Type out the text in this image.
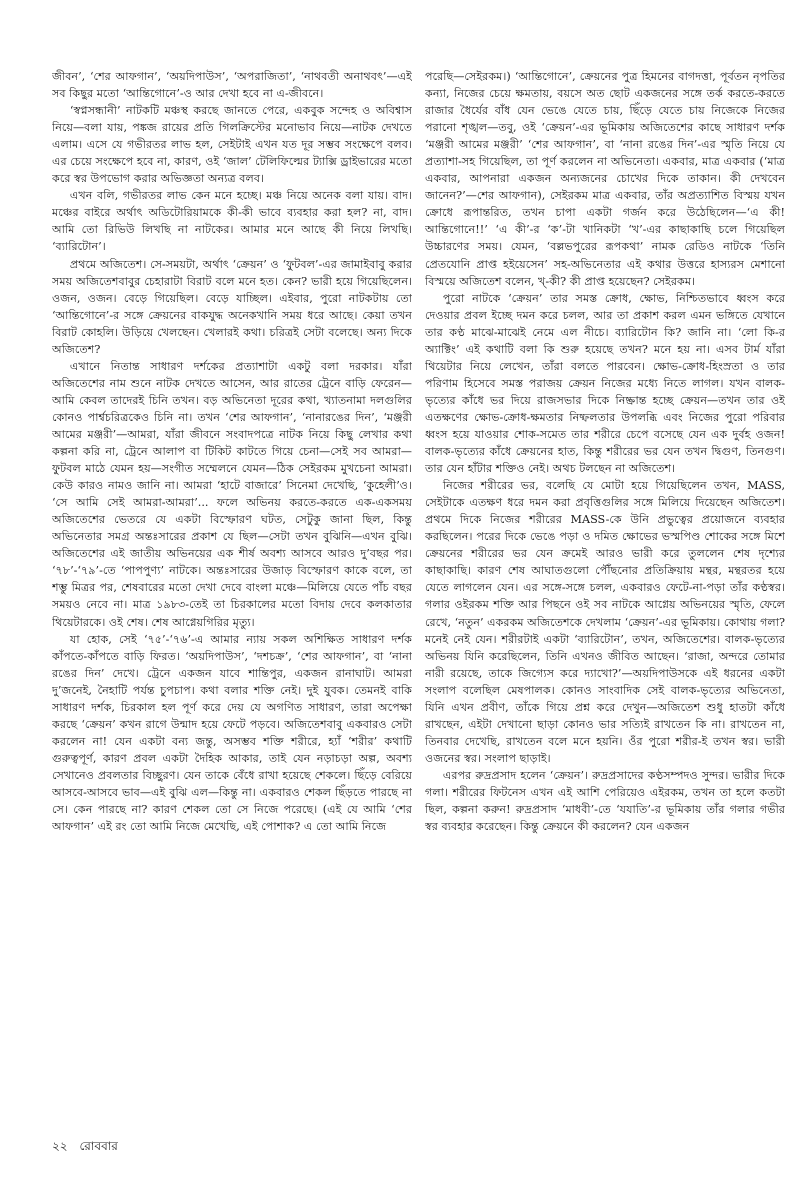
জীবন’, ‘শের আফগান’, ‘অয়দিপাউস’, ‘অপরাজিতা’, ‘নাথবতী অনাথবৎ’—এই সব কিছুর মতো ‘আন্তিগোনে’-ও আর দেখা হবে না এ-জীবনে।

‘স্বপ্নসন্ধানী’ নাটকটি মঞ্চস্থ করছে জানতে পেরে, একবুক সন্দেহ ও অবিশ্বাস নিয়ে—বলা যায়, পঙ্কজ রায়ের প্রতি গিলক্রিস্টের মনোভাব নিয়ে—নাটক দেখতে এলাম। এসে যে গভীরতর লাভ হল, সেইটাই এখন যত দূর সম্ভব সংক্ষেপে বলব। এর চেয়ে সংক্ষেপে হবে না, কারণ, ওই ‘জাল’ টেলিফিল্মের ট্যাক্সি ড্রাইভারের মতো করে স্বর উপভোগ করার অভিজ্ঞতা অন্যত্র বলব।

এখন বলি, গভীরতর লাভ কেন মনে হচ্ছে। মঞ্চ নিয়ে অনেক বলা যায়। বাদ। মঞ্চের বাইরে অর্থাৎ অডিটোরিয়ামকে কী-কী ভাবে ব্যবহার করা হল? না, বাদ। আমি তো রিভিউ লিখছি না নাটকের। আমার মনে আছে কী নিয়ে লিখছি। ‘ব্যারিটোন’।

প্রথমে অজিতেশ। সে-সময়টা, অর্থাৎ ‘ক্রেয়ন’ ও ‘ফুটবল’-এর জামাইবাবু করার সময় অজিতেশবাবুর চেহারাটা বিরাট বলে মনে হত। কেন? ভারী হয়ে গিয়েছিলেন। ওজন, ওজন। বেড়ে গিয়েছিল। বেড়ে যাচ্ছিল। এইবার, পুরো নাটকটায় তো ‘আন্তিগোনে’-র সঙ্গে ক্রেয়নের বাকযুদ্ধ অনেকখানি সময় ধরে আছে। কেয়া তখন বিরাট কোহলি। উড়িয়ে খেলছেন। খেলারই কথা। চরিত্রই সেটা বলেছে। অন্য দিকে অজিতেশ?

এখানে নিতান্ত সাধারণ দর্শকের প্রত্যাশাটা একটু বলা দরকার। যাঁরা অজিতেশের নাম শুনে নাটক দেখতে আসেন, আর রাতের ট্রেনে বাড়ি ফেরেন—আমি কেবল তাদেরই চিনি তখন। বড় অভিনেতা দূরের কথা, খ্যাতনামা দলগুলির কোনও পার্শ্বচরিত্রকেও চিনি না। তখন ‘শের আফগান’, ‘নানারঙের দিন’, ‘মঞ্জরী আমের মঞ্জরী’—আমরা, যাঁরা জীবনে সংবাদপত্রে নাটক নিয়ে কিছু লেখার কথা কল্পনা করি না, ট্রেনে আলাপ বা টিকিট কাটতে গিয়ে চেনা—সেই সব আমরা—ফুটবল মাঠে যেমন হয়—সংগীত সম্মেলনে যেমন—ঠিক সেইরকম মুখচেনা আমরা। কেউ কারও নামও জানি না। আমরা ‘হাটে বাজারে’ সিনেমা দেখেছি, ‘কুহেলী’ও। ‘সে আমি সেই আমরা-আমরা’... ফলে অভিনয় করতে-করতে এক-একসময় অজিতেশের ভেতরে যে একটা বিস্ফোরণ ঘটত, সেটুকু জানা ছিল, কিন্তু অভিনেতার সমগ্র অন্তঃসারের প্রকাশ যে ছিল—সেটা তখন বুঝিনি—এখন বুঝি। অজিতেশের এই জাতীয় অভিনয়ের এক শীর্ষ অবশ্য আসবে আরও দু’বছর পর। ‘৭৮’-‘৭৯’-তে ‘পাপপুণ্য’ নাটকে। অন্তঃসারের উজাড় বিস্ফোরণ কাকে বলে, তা শম্ভু মিত্রর পর, শেষবারের মতো দেখা দেবে বাংলা মঞ্চে—মিলিয়ে যেতে পাঁচ বছর সময়ও নেবে না। মাত্র ১৯৮৩-তেই তা চিরকালের মতো বিদায় দেবে কলকাতার থিয়েটারকে। ওই শেষ। শেষ আগ্নেয়গিরির মৃত্যু।

যা হোক, সেই ‘৭৫’-‘৭৬’-এ আমার ন্যায় সকল অশিক্ষিত সাধারণ দর্শক কাঁপতে-কাঁপতে বাড়ি ফিরত। ‘অয়দিপাউস’, ‘দশচক্র’, ‘শের আফগান’, বা ‘নানা রঙের দিন’ দেখে। ট্রেনে একজন যাবে শান্তিপুর, একজন রানাঘাট। আমরা দু’জনেই, নৈহাটি পর্যন্ত চুপচাপ। কথা বলার শক্তি নেই। দুই যুবক। তেমনই বাকি সাধারণ দর্শক, চিরকাল হল পূর্ণ করে দেয় যে অগণিত সাধারণ, তারা অপেক্ষা করছে ‘ক্রেয়ন’ কখন রাগে উন্মাদ হয়ে ফেটে পড়বে। অজিতেশবাবু একবারও সেটা করলেন না! যেন একটা বন্য জন্তু, অসম্ভব শক্তি শরীরে, হ্যাঁ ‘শরীর’ কথাটি গুরুত্বপূর্ণ, কারণ প্রবল একটা দৈহিক আকার, তাই যেন নড়াচড়া অল্প, অবশ্য সেখানেও প্রবলতার বিচ্ছুরণ। যেন তাকে বেঁধে রাখা হয়েছে শেকলে। ছিঁড়ে বেরিয়ে আসবে-আসবে ভাব—এই বুঝি এল—কিন্তু না। একবারও শেকল ছিঁড়তে পারছে না সে। কেন পারছে না? কারণ শেকল তো সে নিজে পরেছে। (এই যে আমি ‘শের আফগান’ এই রং তো আমি নিজে মেখেছি, এই পোশাক? এ তো আমি নিজে

পরেছি—সেইরকম।) ‘আন্তিগোনে’, ক্রেয়নের পুত্র হিমনের বাগদত্তা, পূর্বতন নৃপতির কন্যা, নিজের চেয়ে ক্ষমতায়, বয়সে অত ছোট একজনের সঙ্গে তর্ক করতে-করতে রাজার ধৈর্যের বাঁধ যেন ভেঙে যেতে চায়, ছিঁড়ে যেতে চায় নিজেকে নিজের পরানো শৃঙ্খল—তবু, ওই ‘ক্রেয়ন’-এর ভূমিকায় অজিতেশের কাছে সাধারণ দর্শক ‘মঞ্জরী আমের মঞ্জরী’ ‘শের আফগান’, বা ‘নানা রঙের দিন’-এর স্মৃতি নিয়ে যে প্রত্যাশা-সহ গিয়েছিল, তা পূর্ণ করলেন না অভিনেতা। একবার, মাত্র একবার (‘মাত্র একবার, আপনারা একজন অন্যজনের চোখের দিকে তাকান। কী দেখবেন জানেন?’—শের আফগান), সেইরকম মাত্র একবার, তাঁর অপ্রত্যাশিত বিস্ময় যখন ক্রোধে রূপান্তরিত, তখন চাপা একটা গর্জন করে উঠেছিলেন—‘এ কী! আন্তিগোনে!!’ ‘এ কী’-র ‘ক’-টা খানিকটা ‘খ’-এর কাছাকাছি চলে গিয়েছিল উচ্চারণের সময়। যেমন, ‘বল্লভপুরের রূপকথা’ নামক রেডিও নাটকে ‘তিনি প্রেতযোনি প্রাপ্ত হইয়েসেন’ সহ-অভিনেতার এই কথার উত্তরে হাস্যরস মেশানো বিস্ময়ে অজিতেশ বলেন, খ্-কী? কী প্রাপ্ত হয়েছেন? সেইরকম।

পুরো নাটকে ‘ক্রেয়ন’ তার সমস্ত ক্রোধ, ক্ষোভ, নিশ্চিতভাবে ধ্বংস করে দেওয়ার প্রবল ইচ্ছে দমন করে চলল, আর তা প্রকাশ করল এমন ভঙ্গিতে যেখানে তার কণ্ঠ মাঝে-মাঝেই নেমে এল নীচে। ব্যারিটোন কি? জানি না। ‘লো কি-র অ্যাক্টিং’ এই কথাটি বলা কি শুরু হয়েছে তখন? মনে হয় না। এসব টার্ম যাঁরা থিয়েটার নিয়ে লেখেন, তাঁরা বলতে পারবেন। ক্ষোভ-ক্রোধ-হিংস্রতা ও তার পরিণাম হিসেবে সমস্ত পরাজয় ক্রেয়ন নিজের মধ্যে নিতে লাগল। যখন বালক-ভৃত্যের কাঁধে ভর দিয়ে রাজসভার দিকে নিষ্ক্রান্ত হচ্ছে ক্রেয়ন—তখন তার ওই এতক্ষণের ক্ষোভ-ক্রোধ-ক্ষমতার নিষ্ফলতার উপলব্ধি এবং নিজের পুরো পরিবার ধ্বংস হয়ে যাওয়ার শোক-সমেত তার শরীরে চেপে বসেছে যেন এক দুর্বহ ওজন! বালক-ভৃত্যের কাঁধে ক্রেয়নের হাত, কিন্তু শরীরের ভর যেন তখন দ্বিগুণ, তিনগুণ। তার যেন হাঁটার শক্তিও নেই। অথচ টলছেন না অজিতেশ।

নিজের শরীরের ভর, বলেছি যে মোটা হয়ে গিয়েছিলেন তখন, MASS, সেইটাকে এতক্ষণ ধরে দমন করা প্রবৃত্তিগুলির সঙ্গে মিলিয়ে দিয়েছেন অজিতেশ। প্রথমে দিকে নিজের শরীরের MASS-কে উনি প্রভুত্বের প্রয়োজনে ব্যবহার করছিলেন। পরের দিকে ভেঙে পড়া ও দমিত ক্ষোভের ভস্মপিণ্ড শোকের সঙ্গে মিশে ক্রেয়নের শরীরের ভর যেন ক্রমেই আরও ভারী করে তুললেন শেষ দৃশ্যের কাছাকাছি। কারণ শেষ আঘাতগুলো পৌঁছনোর প্রতিক্রিয়ায় মন্থর, মন্থরতর হয়ে যেতে লাগলেন যেন। এর সঙ্গে-সঙ্গে চলল, একবারও ফেটে-না-পড়া তাঁর কণ্ঠস্বর। গলার ওইরকম শক্তি আর পিছনে ওই সব নাটকে আগ্নেয় অভিনয়ের স্মৃতি, ফেলে রেখে, ‘নতুন’ একরকম অজিতেশকে দেখলাম ‘ক্রেয়ন’-এর ভূমিকায়। কোথায় গলা? মনেই নেই যেন। শরীরটাই একটা ‘ব্যারিটোন’, তখন, অজিতেশের। বালক-ভৃত্যের অভিনয় যিনি করেছিলেন, তিনি এখনও জীবিত আছেন। ‘রাজা, অন্দরে তোমার নারী রয়েছে, তাকে জিগ্যেস করে দ্যাখো?’—অয়দিপাউসকে এই ধরনের একটা সংলাপ বলেছিল মেষপালক। কোনও সাংবাদিক সেই বালক-ভৃত্যের অভিনেতা, যিনি এখন প্রবীণ, তাঁকে গিয়ে প্রশ্ন করে দেখুন—অজিতেশ শুধু হাতটা কাঁধে রাখছেন, এইটা দেখানো ছাড়া কোনও ভার সত্যিই রাখতেন কি না। রাখতেন না, তিনবার দেখেছি, রাখতেন বলে মনে হয়নি। ওঁর পুরো শরীর-ই তখন স্বর। ভারী ওজনের স্বর। সংলাপ ছাড়াই।

এরপর রুদ্রপ্রসাদ হলেন ‘ক্রেয়ন’। রুদ্রপ্রসাদের কণ্ঠসম্পদও সুন্দর। ভারীর দিকে গলা। শরীরের ফিটনেস এখন এই আশি পেরিয়েও এইরকম, তখন তা হলে কতটা ছিল, কল্পনা করুন! রুদ্রপ্রসাদ ‘মাধবী’-তে ‘যযাতি’-র ভূমিকায় তাঁর গলার গভীর স্বর ব্যবহার করেছেন। কিন্তু ক্রেয়নে কী করলেন? যেন একজন

২২ রোববার
